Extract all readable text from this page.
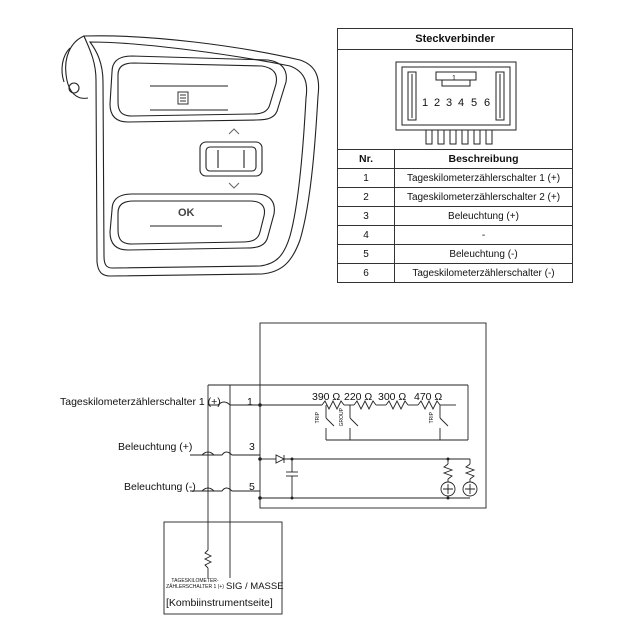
OK
Steckverbinder
1
1 2 3 4 5 6
Nr.	Beschreibung
1	Tageskilometerzählerschalter 1 (+)
2	Tageskilometerzählerschalter 2 (+)
3	Beleuchtung (+)
4	-
5	Beleuchtung (-)
6	Tageskilometerzählerschalter (-)
Tageskilometerzählerschalter 1 (+)
Beleuchtung (+)
Beleuchtung (-)
1
3
5
390 Ω 220 Ω 300 Ω 470 Ω
TRIP	GROUP	TRIP
TAGESKILOMETER-
ZÄHLERSCHALTER 1 (+) SIG / MASSE
[Kombiinstrumentseite]
